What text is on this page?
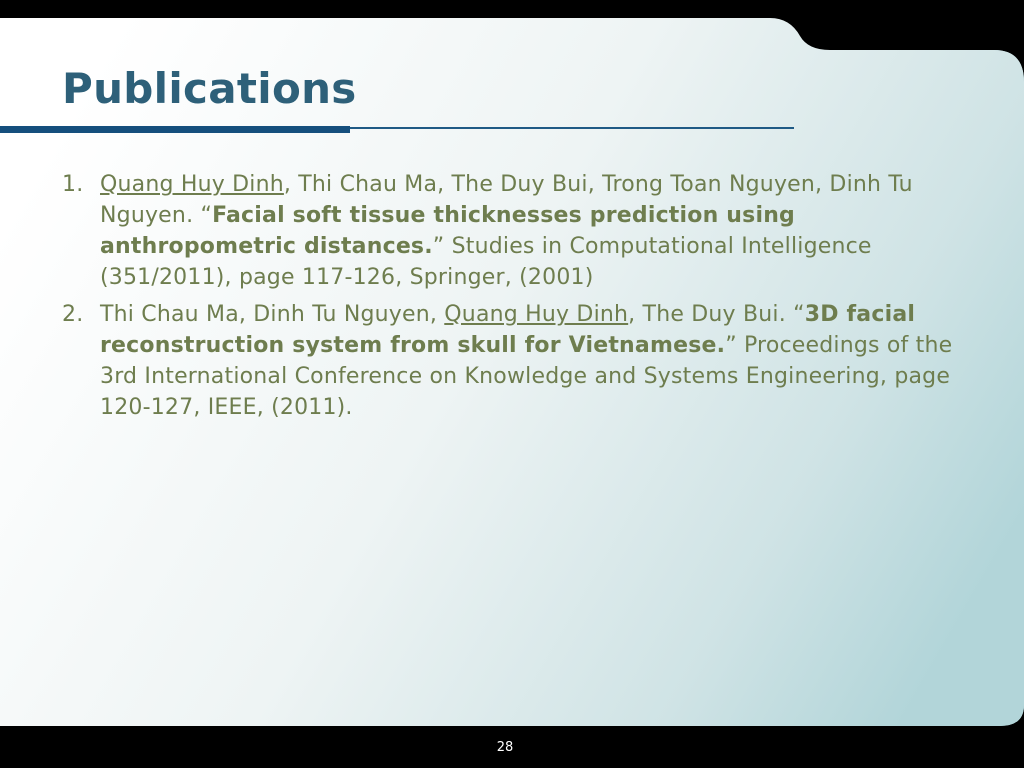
Publications
1. Quang Huy Dinh, Thi Chau Ma, The Duy Bui, Trong Toan Nguyen, Dinh Tu Nguyen. “Facial soft tissue thicknesses prediction using anthropometric distances.” Studies in Computational Intelligence (351/2011), page 117-126, Springer, (2001)
2. Thi Chau Ma, Dinh Tu Nguyen, Quang Huy Dinh, The Duy Bui. “3D facial reconstruction system from skull for Vietnamese.” Proceedings of the 3rd International Conference on Knowledge and Systems Engineering, page 120-127, IEEE, (2011).
28
